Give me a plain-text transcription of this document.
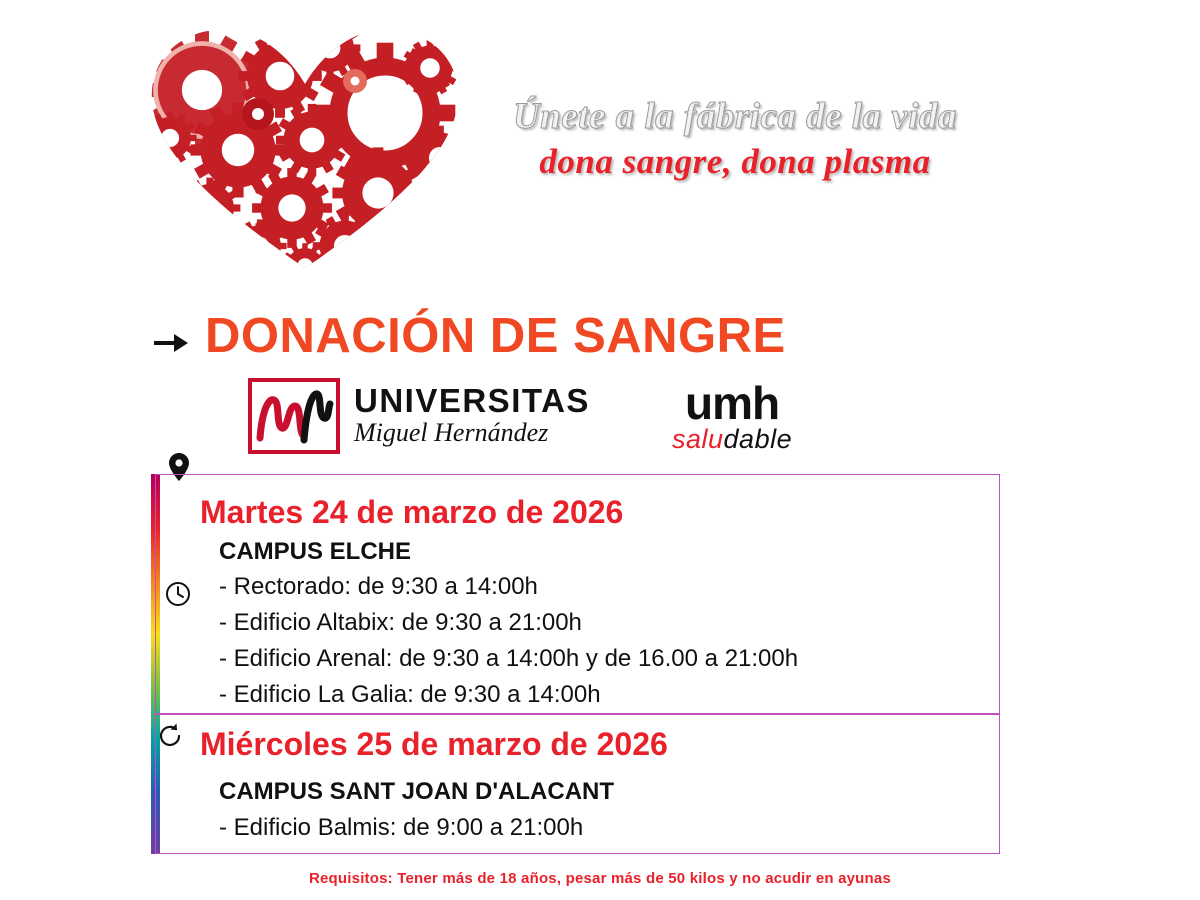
Únete a la fábrica de la vida
dona sangre, dona plasma
DONACIÓN DE SANGRE
UNIVERSITAS
Miguel Hernández
umh
saludable
Martes 24 de marzo de 2026
CAMPUS ELCHE
- Rectorado: de 9:30 a 14:00h
- Edificio Altabix: de 9:30 a 21:00h
- Edificio Arenal: de 9:30 a 14:00h y de 16.00 a 21:00h
- Edificio La Galia: de 9:30 a 14:00h
Miércoles 25 de marzo de 2026
CAMPUS SANT JOAN D'ALACANT
- Edificio Balmis: de 9:00 a 21:00h
Requisitos: Tener más de 18 años, pesar más de 50 kilos y no acudir en ayunas
